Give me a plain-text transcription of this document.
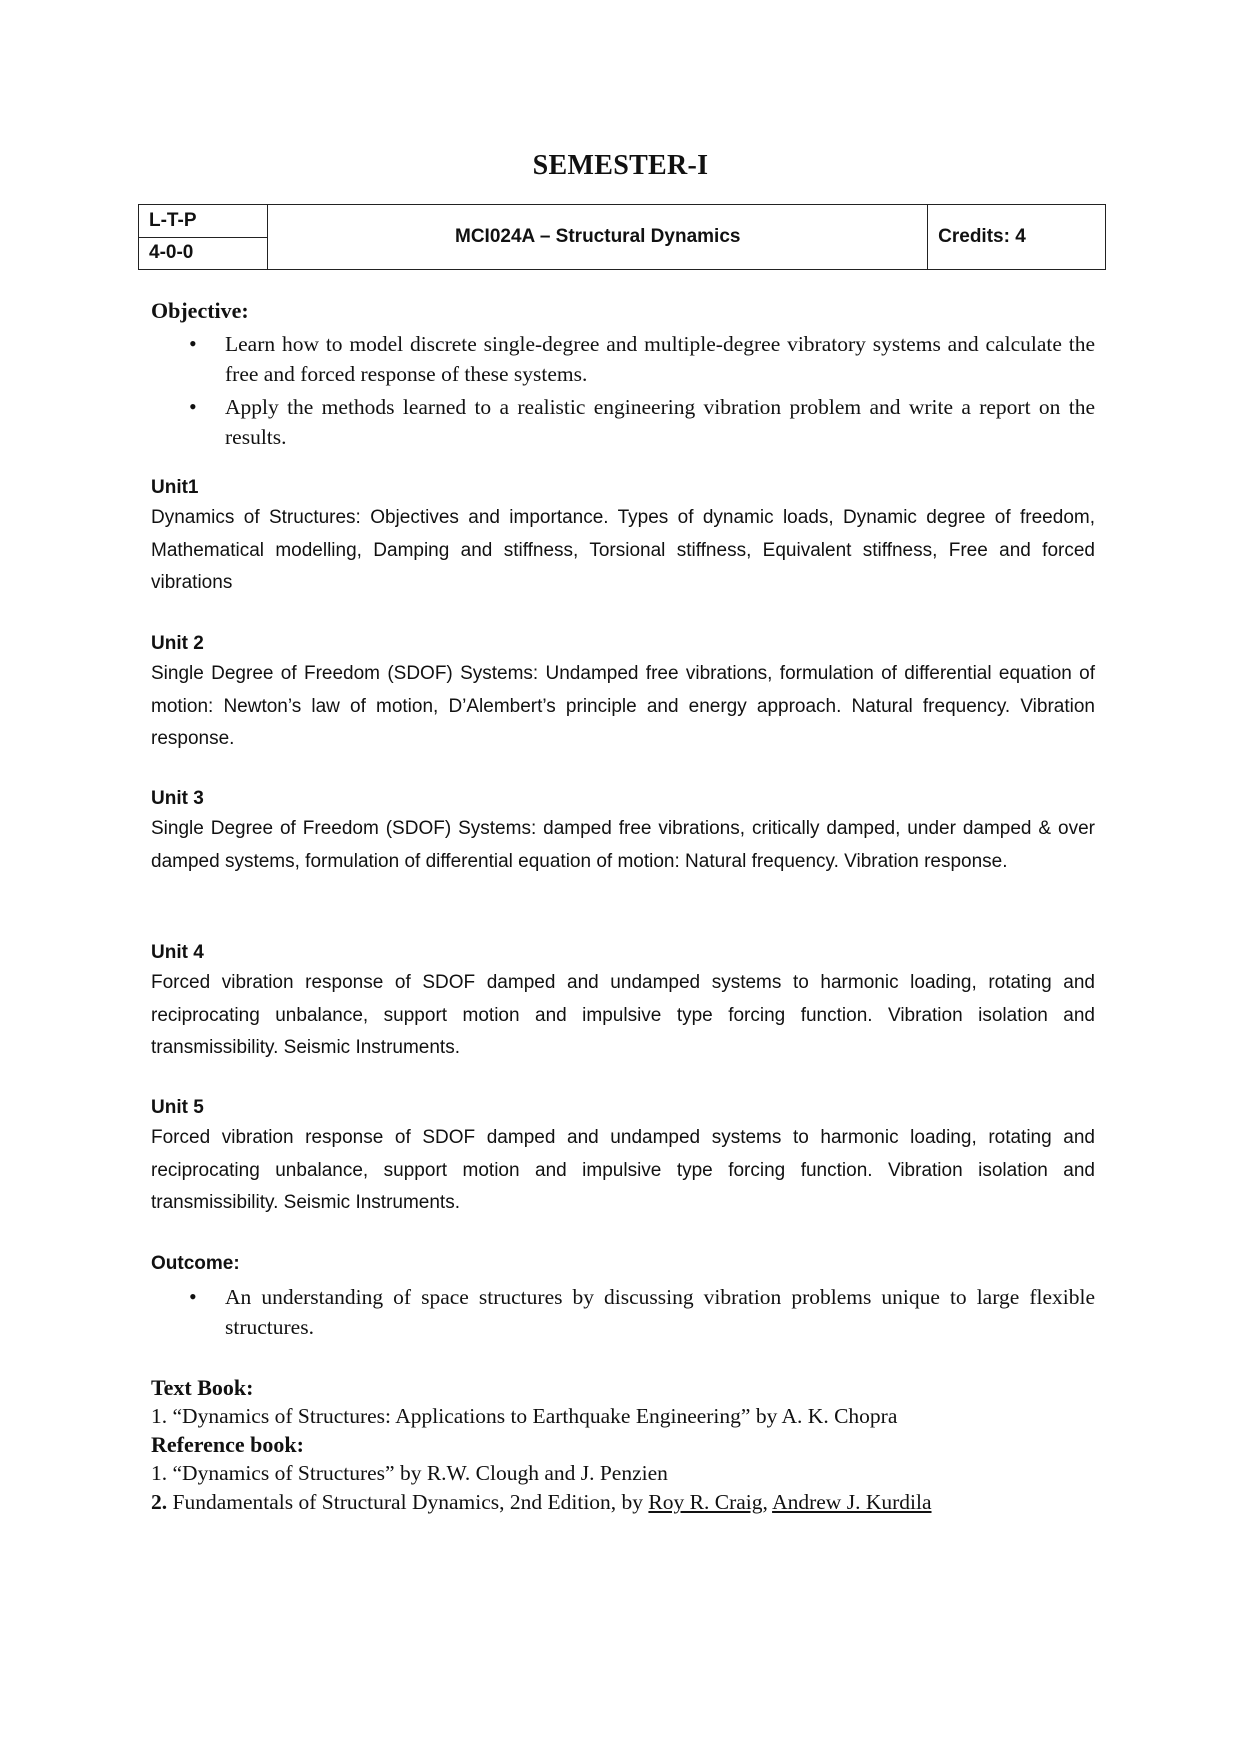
SEMESTER-I
L-T-P	MCI024A – Structural Dynamics	Credits: 4
4-0-0
Objective:
• Learn how to model discrete single-degree and multiple-degree vibratory systems and calculate the free and forced response of these systems.
• Apply the methods learned to a realistic engineering vibration problem and write a report on the results.
Unit1
Dynamics of Structures: Objectives and importance. Types of dynamic loads, Dynamic degree of freedom, Mathematical modelling, Damping and stiffness, Torsional stiffness, Equivalent stiffness, Free and forced vibrations
Unit 2
Single Degree of Freedom (SDOF) Systems: Undamped free vibrations, formulation of differential equation of motion: Newton’s law of motion, D’Alembert’s principle and energy approach. Natural frequency. Vibration response.
Unit 3
Single Degree of Freedom (SDOF) Systems: damped free vibrations, critically damped, under damped & over damped systems, formulation of differential equation of motion: Natural frequency. Vibration response.
Unit 4
Forced vibration response of SDOF damped and undamped systems to harmonic loading, rotating and reciprocating unbalance, support motion and impulsive type forcing function. Vibration isolation and transmissibility. Seismic Instruments.
Unit 5
Forced vibration response of SDOF damped and undamped systems to harmonic loading, rotating and reciprocating unbalance, support motion and impulsive type forcing function. Vibration isolation and transmissibility. Seismic Instruments.
Outcome:
• An understanding of space structures by discussing vibration problems unique to large flexible structures.
Text Book:
1. “Dynamics of Structures: Applications to Earthquake Engineering” by A. K. Chopra
Reference book:
1. “Dynamics of Structures” by R.W. Clough and J. Penzien
2. Fundamentals of Structural Dynamics, 2nd Edition, by Roy R. Craig, Andrew J. Kurdila
